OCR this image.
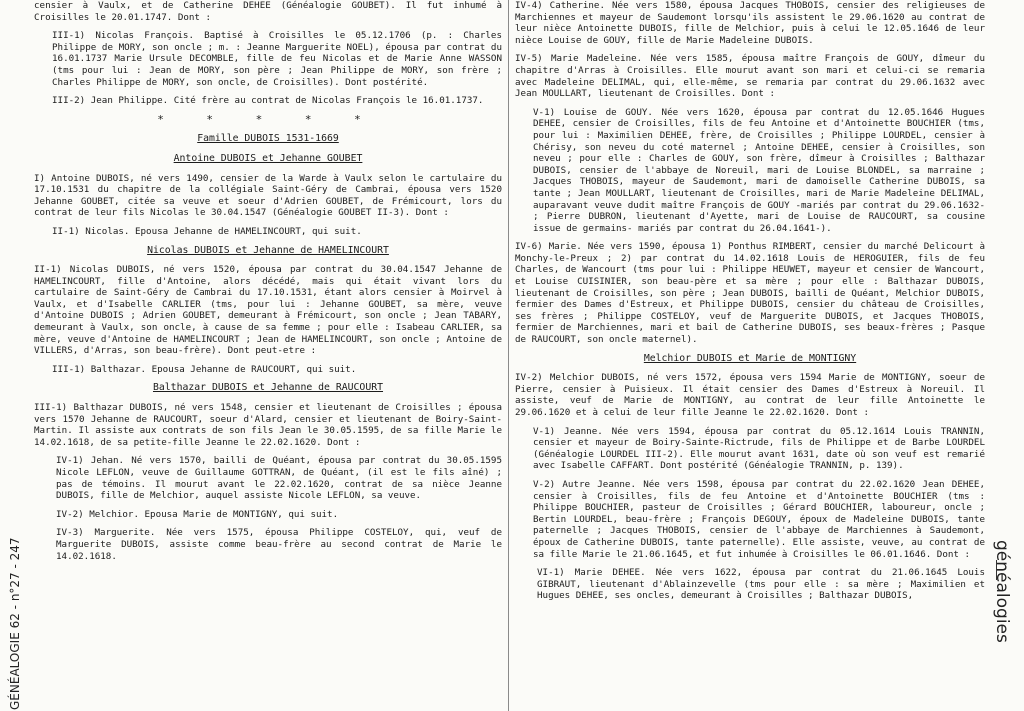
GÉNÉALOGIE 62 - n°27 - 247

censier à Vaulx, et de Catherine DEHEE (Généalogie GOUBET). Il fut inhumé à Croisilles le 20.01.1747. Dont :

III-1) Nicolas François. Baptisé à Croisilles le 05.12.1706 (p. : Charles Philippe de MORY, son oncle ; m. : Jeanne Marguerite NOEL), épousa par contrat du 16.01.1737 Marie Ursule DECOMBLE, fille de feu Nicolas et de Marie Anne WASSON (tms pour lui : Jean de MORY, son père ; Jean Philippe de MORY, son frère ; Charles Philippe de MORY, son oncle, de Croisilles). Dont postérité.

III-2) Jean Philippe. Cité frère au contrat de Nicolas François le 16.01.1737.

* * * * *
Famille DUBOIS 1531-1669
Antoine DUBOIS et Jehanne GOUBET

I) Antoine DUBOIS, né vers 1490, censier de la Warde à Vaulx selon le cartulaire du 17.10.1531 du chapitre de la collégiale Saint-Géry de Cambrai, épousa vers 1520 Jehanne GOUBET, citée sa veuve et soeur d'Adrien GOUBET, de Frémicourt, lors du contrat de leur fils Nicolas le 30.04.1547 (Généalogie GOUBET II-3). Dont :

II-1) Nicolas. Epousa Jehanne de HAMELINCOURT, qui suit.

Nicolas DUBOIS et Jehanne de HAMELINCOURT

II-1) Nicolas DUBOIS, né vers 1520, épousa par contrat du 30.04.1547 Jehanne de HAMELINCOURT, fille d'Antoine, alors décédé, mais qui était vivant lors du cartulaire de Saint-Géry de Cambrai du 17.10.1531, étant alors censier à Moirvel à Vaulx, et d'Isabelle CARLIER (tms, pour lui : Jehanne GOUBET, sa mère, veuve d'Antoine DUBOIS ; Adrien GOUBET, demeurant à Frémicourt, son oncle ; Jean TABARY, demeurant à Vaulx, son oncle, à cause de sa femme ; pour elle : Isabeau CARLIER, sa mère, veuve d'Antoine de HAMELINCOURT ; Jean de HAMELINCOURT, son oncle ; Antoine de VILLERS, d'Arras, son beau-frère). Dont peut-etre :

III-1) Balthazar. Epousa Jehanne de RAUCOURT, qui suit.

Balthazar DUBOIS et Jehanne de RAUCOURT

III-1) Balthazar DUBOIS, né vers 1548, censier et lieutenant de Croisilles ; épousa vers 1570 Jehanne de RAUCOURT, soeur d'Alard, censier et lieutenant de Boiry-Saint-Martin. Il assiste aux contrats de son fils Jean le 30.05.1595, de sa fille Marie le 14.02.1618, de sa petite-fille Jeanne le 22.02.1620. Dont :

IV-1) Jehan. Né vers 1570, bailli de Quéant, épousa par contrat du 30.05.1595 Nicole LEFLON, veuve de Guillaume GOTTRAN, de Quéant, (il est le fils aîné) ; pas de témoins. Il mourut avant le 22.02.1620, contrat de sa nièce Jeanne DUBOIS, fille de Melchior, auquel assiste Nicole LEFLON, sa veuve.

IV-2) Melchior. Epousa Marie de MONTIGNY, qui suit.

IV-3) Marguerite. Née vers 1575, épousa Philippe COSTELOY, qui, veuf de Marguerite DUBOIS, assiste comme beau-frère au second contrat de Marie le 14.02.1618.

IV-4) Catherine. Née vers 1580, épousa Jacques THOBOIS, censier des religieuses de Marchiennes et mayeur de Saudemont lorsqu'ils assistent le 29.06.1620 au contrat de leur nièce Antoinette DUBOIS, fille de Melchior, puis à celui le 12.05.1646 de leur nièce Louise de GOUY, fille de Marie Madeleine DUBOIS.

IV-5) Marie Madeleine. Née vers 1585, épousa maître François de GOUY, dîmeur du chapitre d'Arras à Croisilles. Elle mourut avant son mari et celui-ci se remaria avec Madeleine DELIMAL, qui, elle-même, se remaria par contrat du 29.06.1632 avec Jean MOULLART, lieutenant de Croisilles. Dont :

V-1) Louise de GOUY. Née vers 1620, épousa par contrat du 12.05.1646 Hugues DEHEE, censier de Croisilles, fils de feu Antoine et d'Antoinette BOUCHIER (tms, pour lui : Maximilien DEHEE, frère, de Croisilles ; Philippe LOURDEL, censier à Chérisy, son neveu du coté maternel ; Antoine DEHEE, censier à Croisilles, son neveu ; pour elle : Charles de GOUY, son frère, dîmeur à Croisilles ; Balthazar DUBOIS, censier de l'abbaye de Noreuil, mari de Louise BLONDEL, sa marraine ; Jacques THOBOIS, mayeur de Saudemont, mari de damoiselle Catherine DUBOIS, sa tante ; Jean MOULLART, lieutenant de Croisilles, mari de Marie Madeleine DELIMAL, auparavant veuve dudit maître François de GOUY -mariés par contrat du 29.06.1632- ; Pierre DUBRON, lieutenant d'Ayette, mari de Louise de RAUCOURT, sa cousine issue de germains- mariés par contrat du 26.04.1641-).

IV-6) Marie. Née vers 1590, épousa 1) Ponthus RIMBERT, censier du marché Delicourt à Monchy-le-Preux ; 2) par contrat du 14.02.1618 Louis de HEROGUIER, fils de feu Charles, de Wancourt (tms pour lui : Philippe HEUWET, mayeur et censier de Wancourt, et Louise CUISINIER, son beau-père et sa mère ; pour elle : Balthazar DUBOIS, lieutenant de Croisilles, son père ; Jean DUBOIS, bailli de Quéant, Melchior DUBOIS, fermier des Dames d'Estreux, et Philippe DUBOIS, censier du château de Croisilles, ses frères ; Philippe COSTELOY, veuf de Marguerite DUBOIS, et Jacques THOBOIS, fermier de Marchiennes, mari et bail de Catherine DUBOIS, ses beaux-frères ; Pasque de RAUCOURT, son oncle maternel).

Melchior DUBOIS et Marie de MONTIGNY

IV-2) Melchior DUBOIS, né vers 1572, épousa vers 1594 Marie de MONTIGNY, soeur de Pierre, censier à Puisieux. Il était censier des Dames d'Estreux à Noreuil. Il assiste, veuf de Marie de MONTIGNY, au contrat de leur fille Antoinette le 29.06.1620 et à celui de leur fille Jeanne le 22.02.1620. Dont :

V-1) Jeanne. Née vers 1594, épousa par contrat du 05.12.1614 Louis TRANNIN, censier et mayeur de Boiry-Sainte-Rictrude, fils de Philippe et de Barbe LOURDEL (Généalogie LOURDEL III-2). Elle mourut avant 1631, date où son veuf est remarié avec Isabelle CAFFART. Dont postérité (Généalogie TRANNIN, p. 139).

V-2) Autre Jeanne. Née vers 1598, épousa par contrat du 22.02.1620 Jean DEHEE, censier à Croisilles, fils de feu Antoine et d'Antoinette BOUCHIER (tms : Philippe BOUCHIER, pasteur de Croisilles ; Gérard BOUCHIER, laboureur, oncle ; Bertin LOURDEL, beau-frère ; François DEGOUY, époux de Madeleine DUBOIS, tante paternelle ; Jacques THOBOIS, censier de l'abbaye de Marchiennes à Saudemont, époux de Catherine DUBOIS, tante paternelle). Elle assiste, veuve, au contrat de sa fille Marie le 21.06.1645, et fut inhumée à Croisilles le 06.01.1646. Dont :

VI-1) Marie DEHEE. Née vers 1622, épousa par contrat du 21.06.1645 Louis GIBRAUT, lieutenant d'Ablainzevelle (tms pour elle : sa mère ; Maximilien et Hugues DEHEE, ses oncles, demeurant à Croisilles ; Balthazar DUBOIS,	généalogies
